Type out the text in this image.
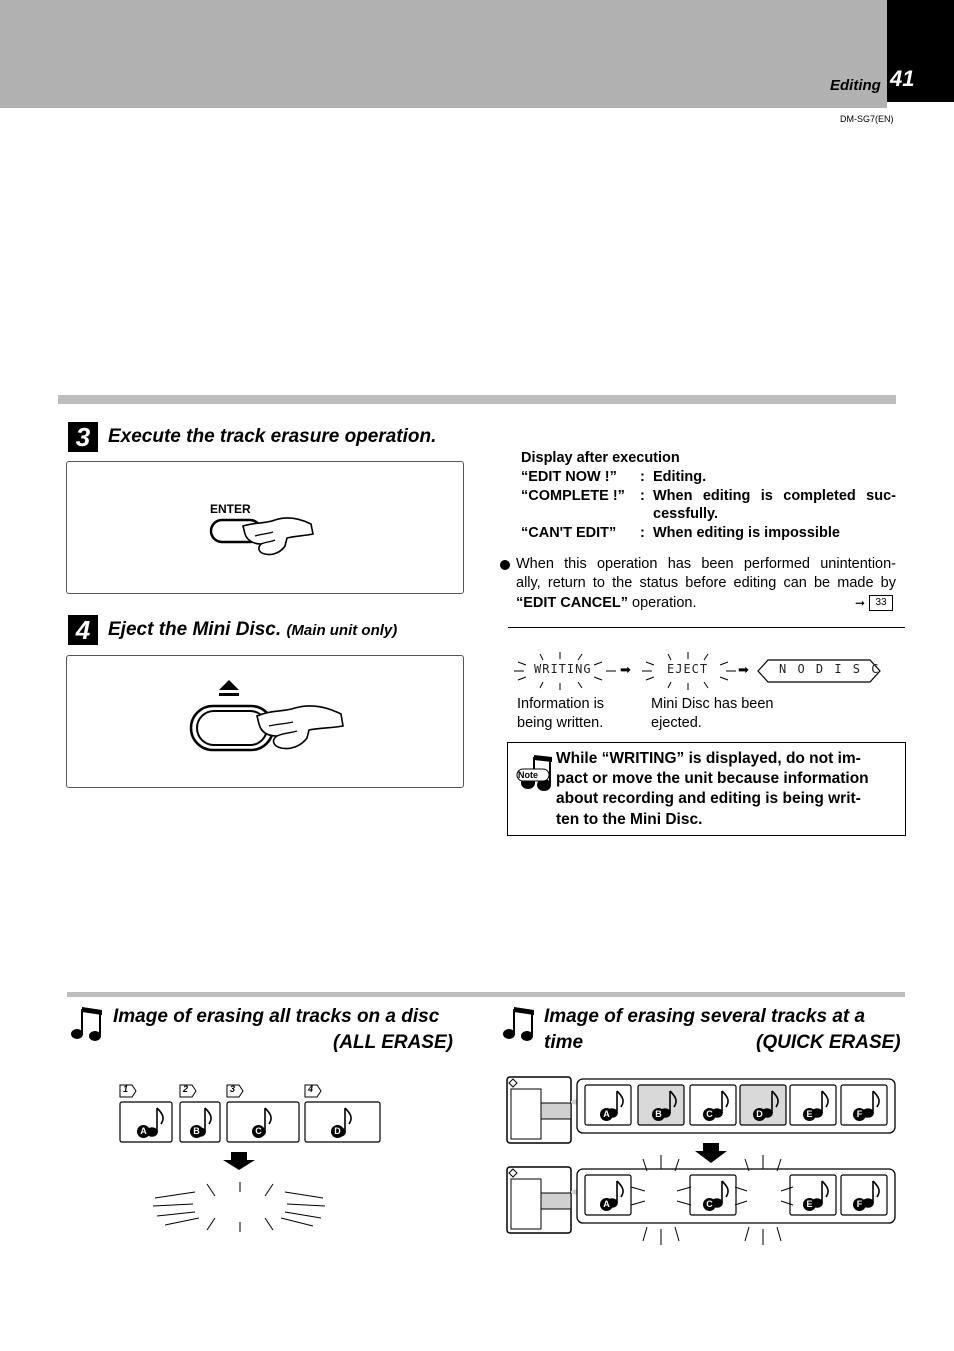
Editing 41
DM-SG7(EN)
3 Execute the track erasure operation.
ENTER
4 Eject the Mini Disc. (Main unit only)
Display after execution
“EDIT NOW !” : Editing.
“COMPLETE !” : When editing is completed suc-
cessfully.
“CAN'T EDIT” : When editing is impossible
When this operation has been performed unintention-
ally, return to the status before editing can be made by
“EDIT CANCEL” operation.	➞	33
WRITING ➡	EJECT ➡	N O D I S C
Information is
being written.
Mini Disc has been
ejected.
Note
While “WRITING” is displayed, do not im-
pact or move the unit because information
about recording and editing is being writ-
ten to the Mini Disc.
Image of erasing all tracks on a disc
(ALL ERASE)
Image of erasing several tracks at a
time	(QUICK ERASE)
1	2	3	4
A	B	C	D
A	B	C	D	E	F
A	C	E	F
